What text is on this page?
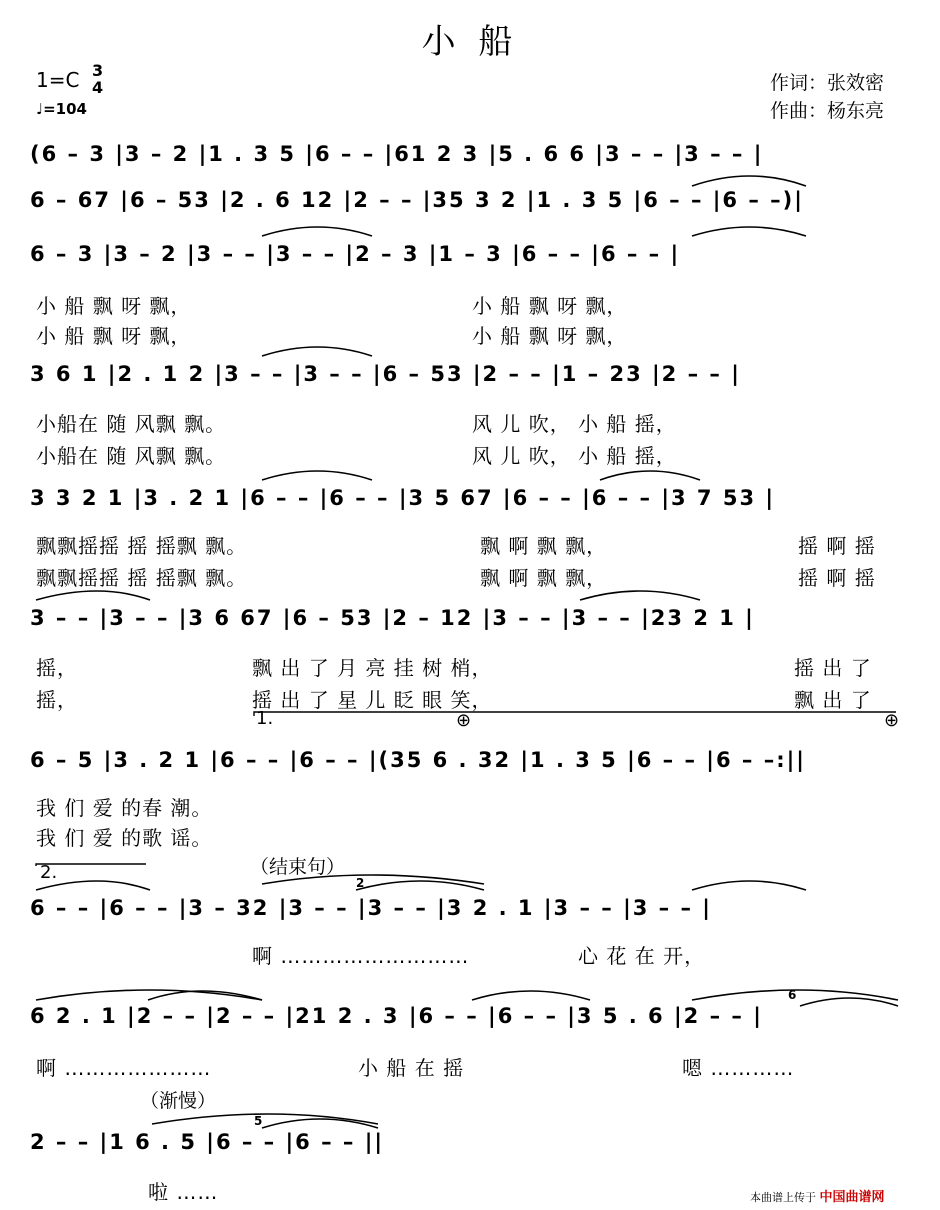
小 船
1=C 3
4
♩=104
作词：张效密
作曲：杨东亮
(6 – 3 |3 – 2 |1 . 3 5 |6 – – |61 2 3 |5 . 6 6 |3 – – |3 – – |
6 – 67 |6 – 53 |2 . 6 12 |2 – – |35 3 2 |1 . 3 5 |6 – – |6 – –)|
6 – 3 |3 – 2 |3 – – |3 – – |2 – 3 |1 – 3 |6 – – |6 – – |
小 船 飘 呀 飘，	小 船 飘 呀 飘，
小 船 飘 呀 飘，	小 船 飘 呀 飘，
3 6 1 |2 . 1 2 |3 – – |3 – – |6 – 53 |2 – – |1 – 23 |2 – – |
小船在 随 风飘 飘。	风 儿 吹， 小 船 摇，
小船在 随 风飘 飘。	风 儿 吹， 小 船 摇，
3 3 2 1 |3 . 2 1 |6 – – |6 – – |3 5 67 |6 – – |6 – – |3 7 53 |
飘飘摇摇 摇 摇飘 飘。	飘 啊 飘 飘，	摇 啊 摇
飘飘摇摇 摇 摇飘 飘。	飘 啊 飘 飘，	摇 啊 摇
3 – – |3 – – |3 6 67 |6 – 53 |2 – 12 |3 – – |3 – – |23 2 1 |
摇，	飘 出 了 月 亮 挂 树 梢，	摇 出 了
摇，	摇 出 了 星 儿 眨 眼 笑，	飘 出 了
1.	⊕	⊕
6 – 5 |3 . 2 1 |6 – – |6 – – |(35 6 . 32 |1 . 3 5 |6 – – |6 – –:||
我 们 爱 的春 潮。
我 们 爱 的歌 谣。
2.	（结束句）
2
6 – – |6 – – |3 – 32 |3 – – |3 – – |3 2 . 1 |3 – – |3 – – |
啊 ………………………	心 花 在 开，
6
6 2 . 1 |2 – – |2 – – |21 2 . 3 |6 – – |6 – – |3 5 . 6 |2 – – |
啊 …………………	小 船 在 摇	嗯 …………
（渐慢）
5
2 – – |1 6 . 5 |6 – – |6 – – ||
啦 ……	本曲谱上传于 中国曲谱网
